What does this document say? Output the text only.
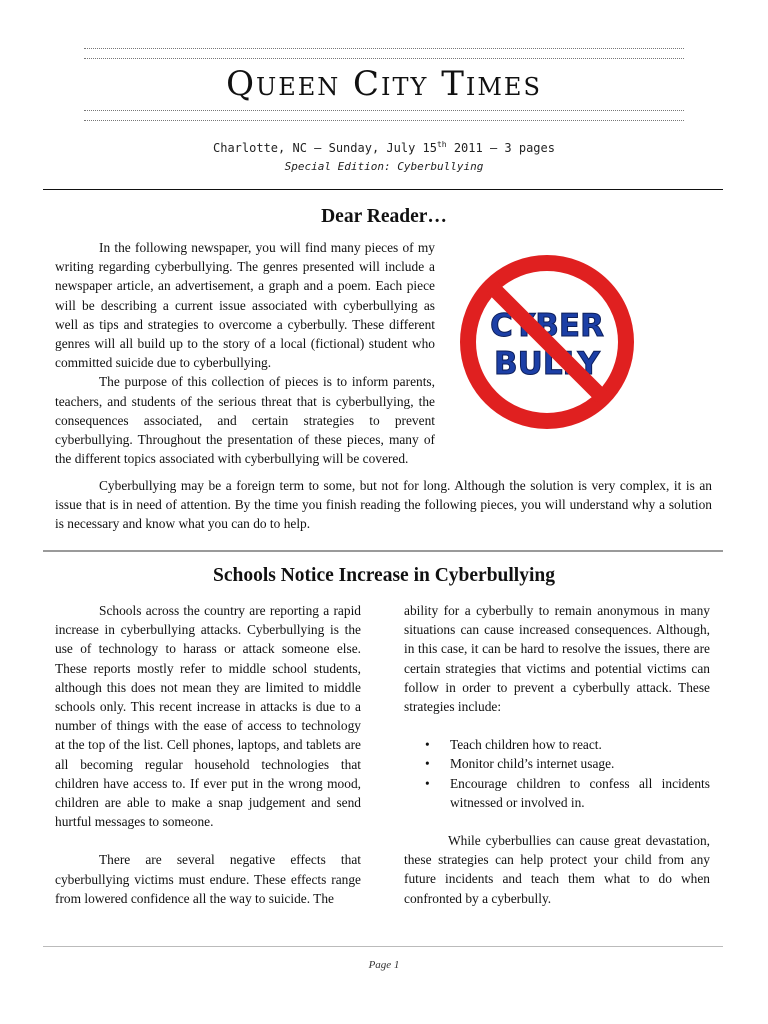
Queen City Times
Charlotte, NC — Sunday, July 15th 2011 — 3 pages
Special Edition: Cyberbullying
Dear Reader…

In the following newspaper, you will find many pieces of my writing regarding cyberbullying. The genres presented will include a newspaper article, an advertisement, a graph and a poem. Each piece will be describing a current issue associated with cyberbullying as well as tips and strategies to overcome a cyberbully. These different genres will all build up to the story of a local (fictional) student who committed suicide due to cyberbullying.

The purpose of this collection of pieces is to inform parents, teachers, and students of the serious threat that is cyberbullying, the consequences associated, and certain strategies to prevent cyberbullying. Throughout the presentation of these pieces, many of the different topics associated with cyberbullying will be covered.

CYBER
BULLY

Cyberbullying may be a foreign term to some, but not for long. Although the solution is very complex, it is an issue that is in need of attention. By the time you finish reading the following pieces, you will understand why a solution is necessary and know what you can do to help.

Schools Notice Increase in Cyberbullying

Schools across the country are reporting a rapid increase in cyberbullying attacks. Cyberbullying is the use of technology to harass or attack someone else. These reports mostly refer to middle school students, although this does not mean they are limited to middle schools only. This recent increase in attacks is due to a number of things with the ease of access to technology at the top of the list. Cell phones, laptops, and tablets are all becoming regular household technologies that children have access to. If ever put in the wrong mood, children are able to make a snap judgement and send hurtful messages to someone.

There are several negative effects that cyberbullying victims must endure. These effects range from lowered confidence all the way to suicide. The

ability for a cyberbully to remain anonymous in many situations can cause increased consequences. Although, in this case, it can be hard to resolve the issues, there are certain strategies that victims and potential victims can follow in order to prevent a cyberbully attack. These strategies include:

• Teach children how to react.
• Monitor child’s internet usage.
• Encourage children to confess all incidents witnessed or involved in.

While cyberbullies can cause great devastation, these strategies can help protect your child from any future incidents and teach them what to do when confronted by a cyberbully.

Page 1
